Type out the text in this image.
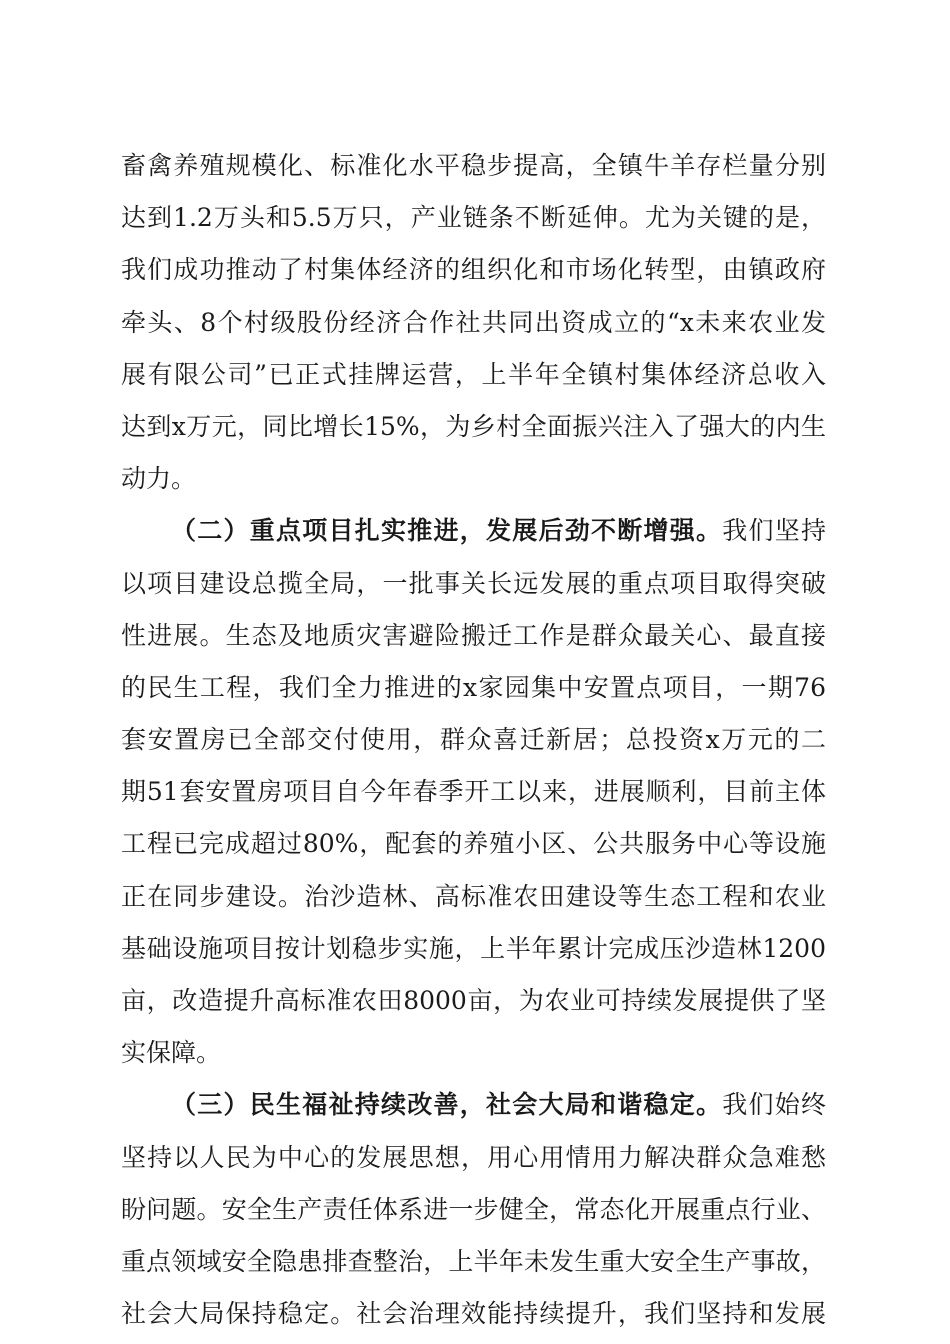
畜禽养殖规模化、标准化水平稳步提高，全镇牛羊存栏量分别
达到1.2万头和5.5万只，产业链条不断延伸。尤为关键的是，
我们成功推动了村集体经济的组织化和市场化转型，由镇政府
牵头、8个村级股份经济合作社共同出资成立的“x未来农业发
展有限公司”已正式挂牌运营，上半年全镇村集体经济总收入
达到x万元，同比增长15%，为乡村全面振兴注入了强大的内生
动力。
（二）重点项目扎实推进，发展后劲不断增强。我们坚持
以项目建设总揽全局，一批事关长远发展的重点项目取得突破
性进展。生态及地质灾害避险搬迁工作是群众最关心、最直接
的民生工程，我们全力推进的x家园集中安置点项目，一期76
套安置房已全部交付使用，群众喜迁新居；总投资x万元的二
期51套安置房项目自今年春季开工以来，进展顺利，目前主体
工程已完成超过80%，配套的养殖小区、公共服务中心等设施
正在同步建设。治沙造林、高标准农田建设等生态工程和农业
基础设施项目按计划稳步实施，上半年累计完成压沙造林1200
亩，改造提升高标准农田8000亩，为农业可持续发展提供了坚
实保障。
（三）民生福祉持续改善，社会大局和谐稳定。我们始终
坚持以人民为中心的发展思想，用心用情用力解决群众急难愁
盼问题。安全生产责任体系进一步健全，常态化开展重点行业、
重点领域安全隐患排查整治，上半年未发生重大安全生产事故，
社会大局保持稳定。社会治理效能持续提升，我们坚持和发展
